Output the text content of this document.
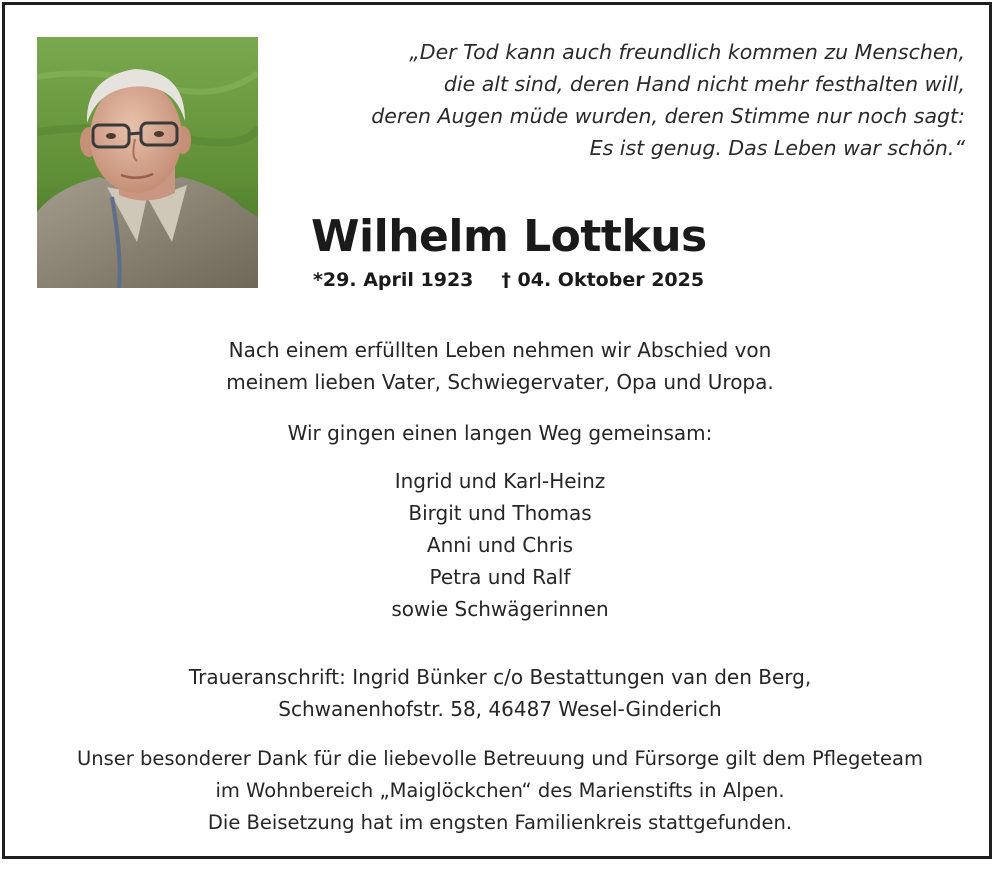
„Der Tod kann auch freundlich kommen zu Menschen,
die alt sind, deren Hand nicht mehr festhalten will,
deren Augen müde wurden, deren Stimme nur noch sagt:
Es ist genug. Das Leben war schön.“
Wilhelm Lottkus
*29. April 1923 † 04. Oktober 2025
Nach einem erfüllten Leben nehmen wir Abschied von
meinem lieben Vater, Schwiegervater, Opa und Uropa.
Wir gingen einen langen Weg gemeinsam:
Ingrid und Karl-Heinz
Birgit und Thomas
Anni und Chris
Petra und Ralf
sowie Schwägerinnen
Traueranschrift: Ingrid Bünker c/o Bestattungen van den Berg,
Schwanenhofstr. 58, 46487 Wesel-Ginderich
Unser besonderer Dank für die liebevolle Betreuung und Fürsorge gilt dem Pflegeteam
im Wohnbereich „Maiglöckchen“ des Marienstifts in Alpen.
Die Beisetzung hat im engsten Familienkreis stattgefunden.
